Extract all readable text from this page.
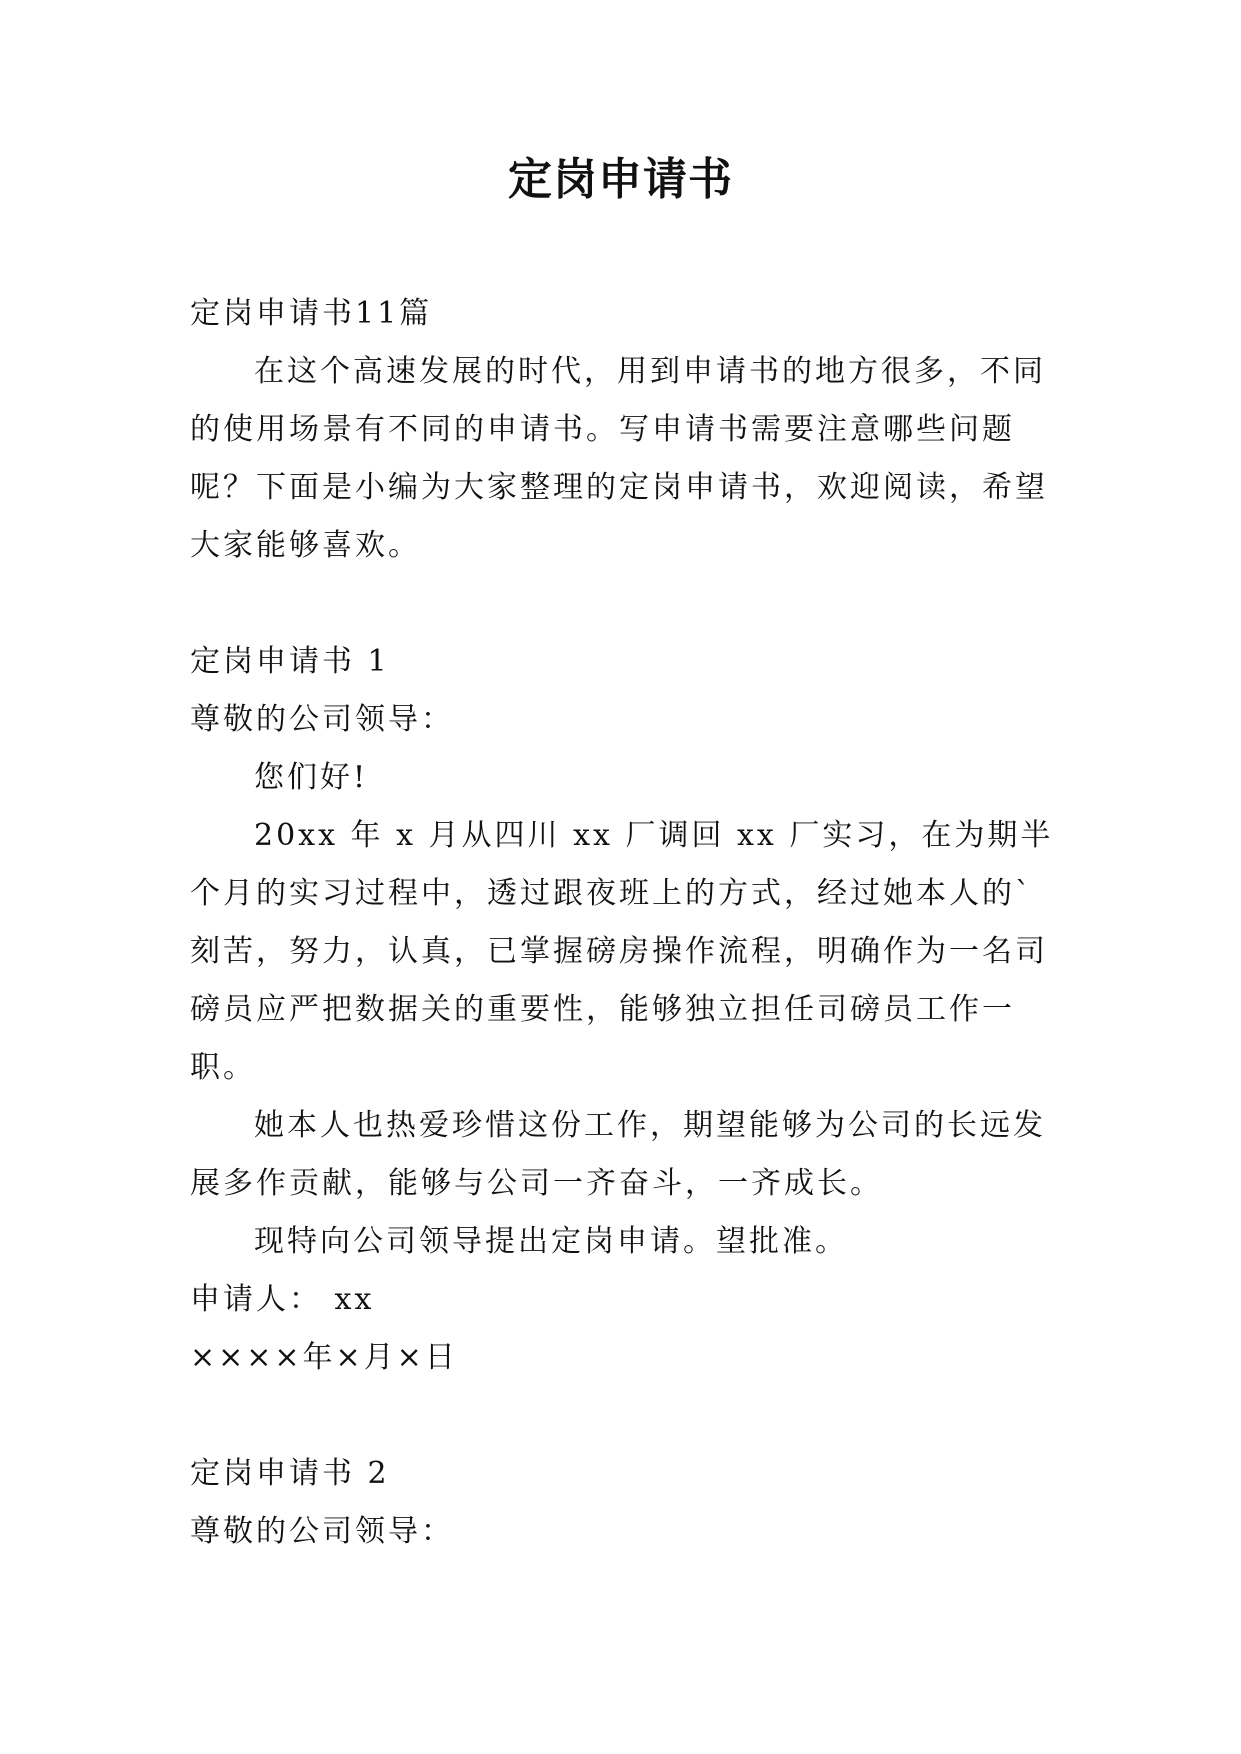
定岗申请书

定岗申请书11篇

在这个高速发展的时代，用到申请书的地方很多，不同的使用场景有不同的申请书。写申请书需要注意哪些问题呢？下面是小编为大家整理的定岗申请书，欢迎阅读，希望大家能够喜欢。

定岗申请书 1

尊敬的公司领导：

您们好!

20xx 年 x 月从四川 xx 厂调回 xx 厂实习，在为期半个月的实习过程中，透过跟夜班上的方式，经过她本人的`刻苦，努力，认真，已掌握磅房操作流程，明确作为一名司磅员应严把数据关的重要性，能够独立担任司磅员工作一职。

她本人也热爱珍惜这份工作，期望能够为公司的长远发展多作贡献，能够与公司一齐奋斗，一齐成长。

现特向公司领导提出定岗申请。望批准。

申请人： xx

××××年×月×日

定岗申请书 2

尊敬的公司领导：
